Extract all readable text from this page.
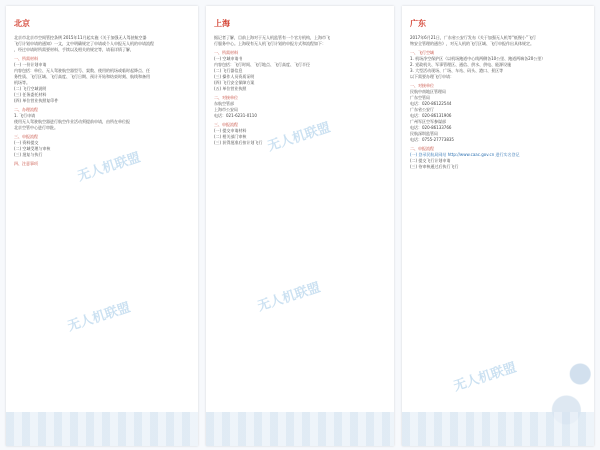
北京
北京市北京市空间管控条例 2015年11月起实施《关于加强无人驾驶航空器
飞行计划申请的通知》一文，文中明确规定了申请或个人申报无人机的申请流程
，经过申请时所需要材料、手续以及相关的规定等，请看详情了解，
一、所需材料
(一) 一份计划申请
内容包括：单位、无人驾驶航空器型号、架数、使用的机场或临时起降点、任
务性质、飞行区域、飞行高度、飞行日期、预计开始和结束时刻、航线和备用
机场等。
(二) 飞行空域说明
(三) 任务委托材料
(四) 单位营业执照复印件
二、办理流程
1. 飞行申请
使用无人驾驶航空器进行航空作业活动须提前申请，由所在单位报
北京空管中心进行审批。
三、申报流程
(一) 资料提交
(二) 空域受理与审核
(三) 批复与执行
四、注意事项	无人机联盟
无人机联盟
上海
据记者了解，目前上海对于无人机监管有一个官方机构，上海市飞
行服务中心。上海现有无人机飞行计划的申报方式和流程如下：
一、所需材料
(一) 空域申请书
内容包括：飞行时间、飞行地点、飞行高度、飞行半径
(二) 飞行器信息
(三) 操作人员资质证明
(四) 飞行安全保障方案
(五) 单位营业执照
二、对接单位
东航空管部
上海市公安局
电话：021-6231-0110
三、申报流程
(一) 提交申请材料
(二) 相关部门审核
(三) 获得批准后按计划飞行 无人机联盟
无人机联盟
广东
2017年6月21日，广东省公安厅发布《关于加强无人机等“低慢小”飞行
物安全管理的通告》，对无人机的飞行区域、飞行申报作出具体规定。
一、飞行空域
1. 机场净空保护区（以机场跑道中心线两侧各10公里、跑道两端各20公里）
2. 党政机关、军事管理区、通信、供水、供电、能源设施
3. 大型活动现场、广场、车站、码头、港口、景区等
以下需要办理飞行申请：
一、对接单位
民航中南地区管理局
广东空管局
电话：020-86122544
广东省公安厅
电话：020-86131906
广州军区空军参谋部
电话：020-86133766
民航深圳监管局
电话：0755-27773835
二、申报流程
(一) 登录民航局网站 http://www.caac.gov.cn 进行实名登记
(二) 提交飞行计划申请
(三) 待审核通过后执行飞行
无人机联盟
